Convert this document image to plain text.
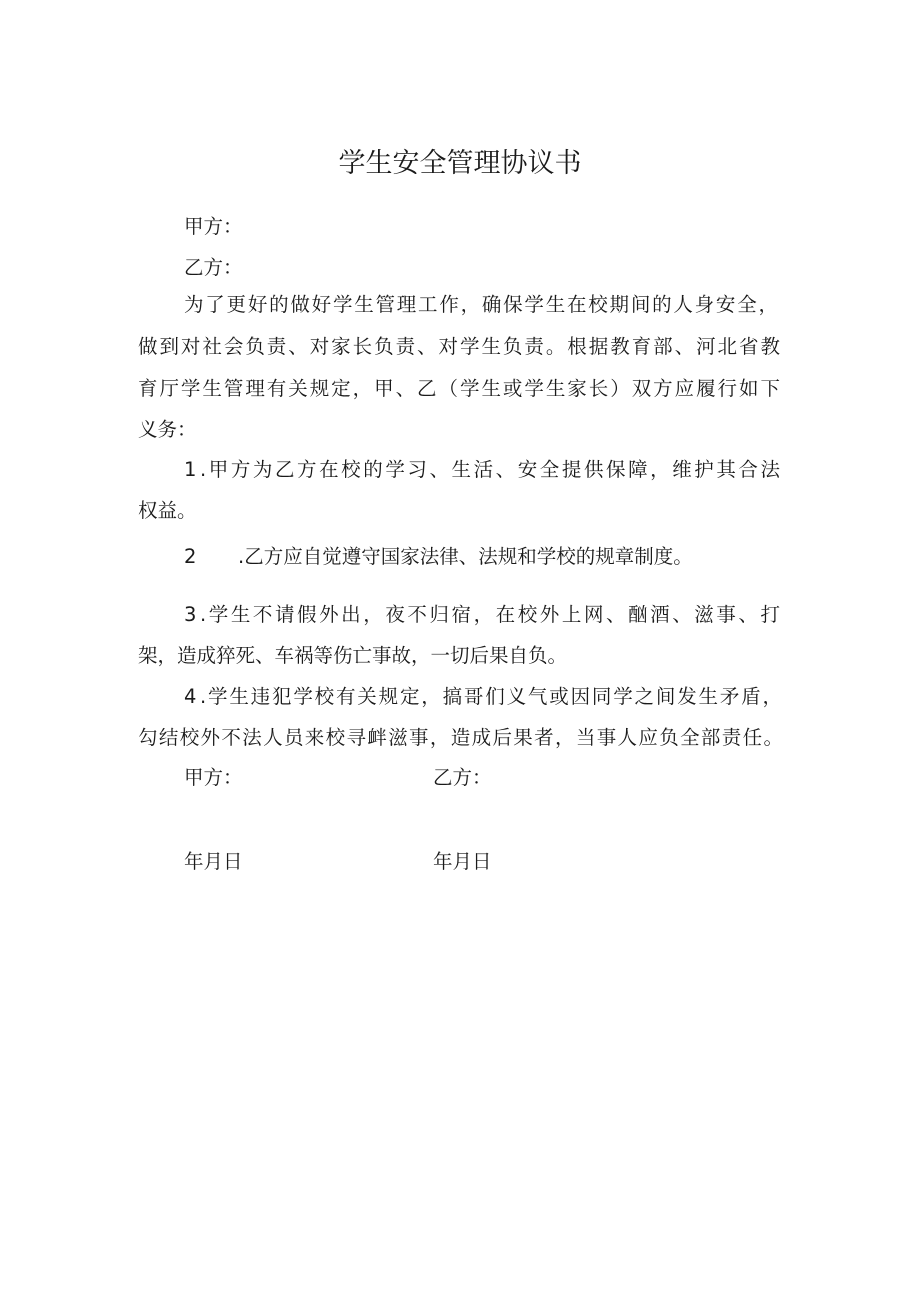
学生安全管理协议书
甲方：
乙方：
为了更好的做好学生管理工作，确保学生在校期间的人身安全，
做到对社会负责、对家长负责、对学生负责。根据教育部、河北省教
育厅学生管理有关规定，甲、乙（学生或学生家长）双方应履行如下
义务：
1 .甲方为乙方在校的学习、生活、安全提供保障，维护其合法
权益。
2 .乙方应自觉遵守国家法律、法规和学校的规章制度。
3 .学生不请假外出，夜不归宿，在校外上网、酗酒、滋事、打
架，造成猝死、车祸等伤亡事故，一切后果自负。
4 .学生违犯学校有关规定，搞哥们义气或因同学之间发生矛盾，
勾结校外不法人员来校寻衅滋事，造成后果者，当事人应负全部责任。
甲方：	乙方：
年月日	年月日
